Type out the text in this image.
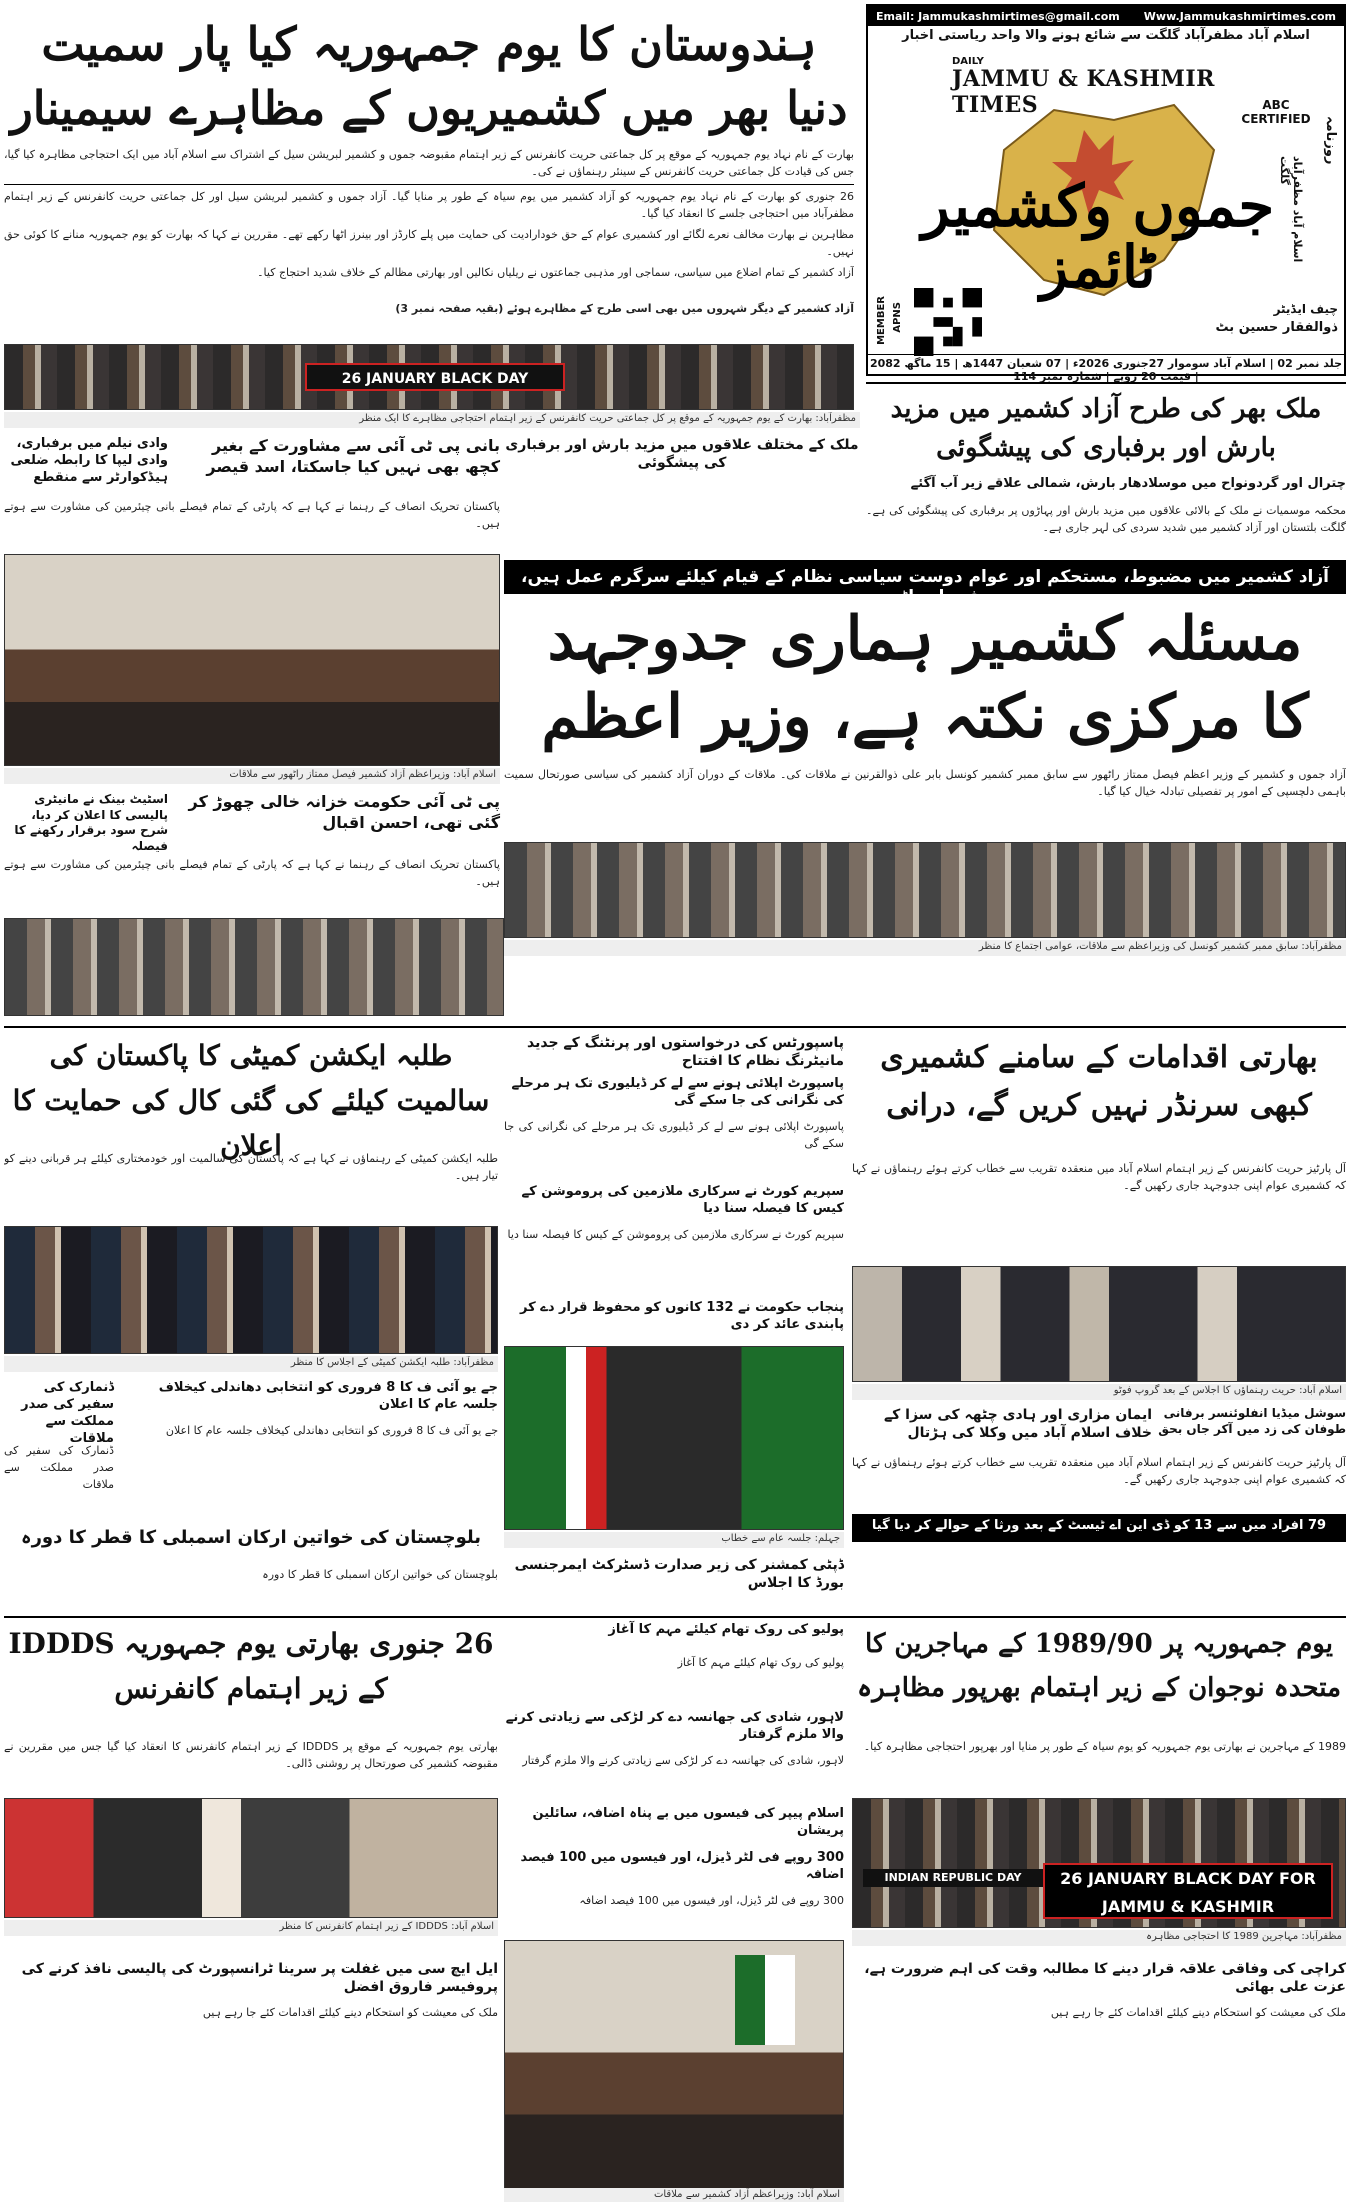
Email: Jammukashmirtimes@gmail.com Www.Jammukashmirtimes.com
اسلام آباد مظفرآباد گلگت سے شائع ہونے والا واحد ریاستی اخبار
DAILY
JAMMU & KASHMIR TIMES	ABC CERTIFIED روزنامہ
اسلام آباد مظفرآباد گلگت
جموں وکشمیر ٹائمز
MEMBER APNS	چیف ایڈیٹر
ذوالفقار حسین بٹ
جلد نمبر 02 | اسلام آباد سوموار 27جنوری 2026ء | 07 شعبان 1447ھ | 15 ماگھ 2082 | قیمت 20 روپے | شمارہ نمبر 114
ہندوستان کا یوم جمہوریہ کیا پار سمیت دنیا بھر میں کشمیریوں کے مظاہرے سیمینار
بھارت کے نام نہاد یوم جمہوریہ کے موقع پر کل جماعتی حریت کانفرنس کے زیر اہتمام مقبوضہ جموں و کشمیر لبریشن سیل کے اشتراک سے اسلام آباد میں ایک احتجاجی مظاہرہ کیا گیا، جس کی قیادت کل جماعتی حریت کانفرنس کے سینئر رہنماؤں نے کی۔
26 جنوری کو بھارت کے نام نہاد یوم جمہوریہ کو آزاد کشمیر میں یوم سیاہ کے طور پر منایا گیا۔ آزاد جموں و کشمیر لبریشن سیل اور کل جماعتی حریت کانفرنس کے زیر اہتمام مظفرآباد میں احتجاجی جلسے کا انعقاد کیا گیا۔
مظاہرین نے بھارت مخالف نعرے لگائے اور کشمیری عوام کے حق خودارادیت کی حمایت میں پلے کارڈز اور بینرز اٹھا رکھے تھے۔ مقررین نے کہا کہ بھارت کو یوم جمہوریہ منانے کا کوئی حق نہیں۔
آزاد کشمیر کے تمام اضلاع میں سیاسی، سماجی اور مذہبی جماعتوں نے ریلیاں نکالیں اور بھارتی مظالم کے خلاف شدید احتجاج کیا۔
آزاد کشمیر کے دیگر شہروں میں بھی اسی طرح کے مظاہرے ہوئے (بقیہ صفحہ نمبر 3)
26 JANUARY BLACK DAY
مظفرآباد: بھارت کے یوم جمہوریہ کے موقع پر کل جماعتی حریت کانفرنس کے زیر اہتمام احتجاجی مظاہرے کا ایک منظر	ملک بھر کی طرح آزاد کشمیر میں مزید بارش اور برفباری کی پیشگوئی
چترال اور گردونواح میں موسلادھار بارش، شمالی علاقے زیر آب آگئے
محکمہ موسمیات نے ملک کے بالائی علاقوں میں مزید بارش اور پہاڑوں پر برفباری کی پیشگوئی کی ہے۔ گلگت بلتستان اور آزاد کشمیر میں شدید سردی کی لہر جاری ہے۔
ملک کے مختلف علاقوں میں مزید بارش اور برفباری کی پیشگوئی
بانی پی ٹی آئی سے مشاورت کے بغیر کچھ بھی نہیں کیا جاسکتا، اسد قیصر
وادی نیلم میں برفباری، وادی لیپا کا رابطہ ضلعی ہیڈکوارٹر سے منقطع
پاکستان تحریک انصاف کے رہنما نے کہا ہے کہ پارٹی کے تمام فیصلے بانی چیئرمین کی مشاورت سے ہوتے ہیں۔
اسلام آباد: وزیراعظم آزاد کشمیر فیصل ممتاز راٹھور سے ملاقات
پی ٹی آئی حکومت خزانہ خالی چھوڑ کر گئی تھی، احسن اقبال
اسٹیٹ بینک نے مانیٹری پالیسی کا اعلان کر دیا، شرح سود برقرار رکھنے کا فیصلہ
پاکستان تحریک انصاف کے رہنما نے کہا ہے کہ پارٹی کے تمام فیصلے بانی چیئرمین کی مشاورت سے ہوتے ہیں۔
آزاد کشمیر میں مضبوط، مستحکم اور عوام دوست سیاسی نظام کے قیام کیلئے سرگرم عمل ہیں، فیصل راٹھور
مسئلہ کشمیر ہماری جدوجہد کا مرکزی نکتہ ہے، وزیر اعظم
آزاد جموں و کشمیر کے وزیر اعظم فیصل ممتاز راٹھور سے سابق ممبر کشمیر کونسل بابر علی ذوالقرنین نے ملاقات کی۔ ملاقات کے دوران آزاد کشمیر کی سیاسی صورتحال سمیت باہمی دلچسپی کے امور پر تفصیلی تبادلہ خیال کیا گیا۔
مظفرآباد: سابق ممبر کشمیر کونسل کی وزیراعظم سے ملاقات، عوامی اجتماع کا منظر
بھارتی اقدامات کے سامنے کشمیری کبھی سرنڈر نہیں کریں گے، درانی
آل پارٹیز حریت کانفرنس کے زیر اہتمام اسلام آباد میں منعقدہ تقریب سے خطاب کرتے ہوئے رہنماؤں نے کہا کہ کشمیری عوام اپنی جدوجہد جاری رکھیں گے۔
اسلام آباد: حریت رہنماؤں کا اجلاس کے بعد گروپ فوٹو
ایمان مزاری اور ہادی چٹھہ کی سزا کے خلاف اسلام آباد میں وکلا کی ہڑتال
سوشل میڈیا انفلوئنسر برفانی طوفان کی زد میں آکر جاں بحق
آل پارٹیز حریت کانفرنس کے زیر اہتمام اسلام آباد میں منعقدہ تقریب سے خطاب کرتے ہوئے رہنماؤں نے کہا کہ کشمیری عوام اپنی جدوجہد جاری رکھیں گے۔
79 افراد میں سے 13 کو ڈی این اے ٹیسٹ کے بعد ورثا کے حوالے کر دیا گیا
پاسپورٹس کی درخواستوں اور پرنٹنگ کے جدید مانیٹرنگ نظام کا افتتاح
پاسپورٹ اپلائی ہونے سے لے کر ڈیلیوری تک ہر مرحلے کی نگرانی کی جا سکے گی
پاسپورٹ اپلائی ہونے سے لے کر ڈیلیوری تک ہر مرحلے کی نگرانی کی جا سکے گی
سپریم کورٹ نے سرکاری ملازمین کی پروموشن کے کیس کا فیصلہ سنا دیا
سپریم کورٹ نے سرکاری ملازمین کی پروموشن کے کیس کا فیصلہ سنا دیا
پنجاب حکومت نے 132 کانوں کو محفوظ قرار دے کر پابندی عائد کر دی
جہلم: جلسہ عام سے خطاب
طلبہ ایکشن کمیٹی کا پاکستان کی سالمیت کیلئے کی گئی کال کی حمایت کا اعلان
طلبہ ایکشن کمیٹی کے رہنماؤں نے کہا ہے کہ پاکستان کی سالمیت اور خودمختاری کیلئے ہر قربانی دینے کو تیار ہیں۔
مظفرآباد: طلبہ ایکشن کمیٹی کے اجلاس کا منظر
ڈنمارک کی سفیر کی صدر مملکت سے ملاقات
جے یو آئی ف کا 8 فروری کو انتخابی دھاندلی کیخلاف جلسہ عام کا اعلان
جے یو آئی ف کا 8 فروری کو انتخابی دھاندلی کیخلاف جلسہ عام کا اعلان
ڈنمارک کی سفیر کی صدر مملکت سے ملاقات
بلوچستان کی خواتین ارکان اسمبلی کا قطر کا دورہ
بلوچستان کی خواتین ارکان اسمبلی کا قطر کا دورہ
ڈپٹی کمشنر کی زیر صدارت ڈسٹرکٹ ایمرجنسی بورڈ کا اجلاس
26 جنوری بھارتی یوم جمہوریہ IDDDS کے زیر اہتمام کانفرنس
بھارتی یوم جمہوریہ کے موقع پر IDDDS کے زیر اہتمام کانفرنس کا انعقاد کیا گیا جس میں مقررین نے مقبوضہ کشمیر کی صورتحال پر روشنی ڈالی۔
اسلام آباد: IDDDS کے زیر اہتمام کانفرنس کا منظر
یوم جمہوریہ پر 1989/90 کے مہاجرین کا متحدہ نوجوان کے زیر اہتمام بھرپور مظاہرہ
1989 کے مہاجرین نے بھارتی یوم جمہوریہ کو یوم سیاہ کے طور پر منایا اور بھرپور احتجاجی مظاہرہ کیا۔
INDIAN REPUBLIC DAY	26 JANUARY BLACK DAY FOR JAMMU & KASHMIR
مظفرآباد: مہاجرین 1989 کا احتجاجی مظاہرہ
پولیو کی روک تھام کیلئے مہم کا آغاز
پولیو کی روک تھام کیلئے مہم کا آغاز
لاہور، شادی کی جھانسہ دے کر لڑکی سے زیادتی کرنے والا ملزم گرفتار
لاہور، شادی کی جھانسہ دے کر لڑکی سے زیادتی کرنے والا ملزم گرفتار
اسلام پیپر کی فیسوں میں بے پناہ اضافہ، سائلین پریشان
300 روپے فی لٹر ڈیزل، اور فیسوں میں 100 فیصد اضافہ
300 روپے فی لٹر ڈیزل، اور فیسوں میں 100 فیصد اضافہ
اسلام آباد: وزیراعظم آزاد کشمیر سے ملاقات
کراچی کی وفاقی علاقہ قرار دینے کا مطالبہ وقت کی اہم ضرورت ہے، عزت علی بھائی
ملک کی معیشت کو استحکام دینے کیلئے اقدامات کئے جا رہے ہیں
ایل ایچ سی میں غفلت پر سرینا ٹرانسپورٹ کی پالیسی نافذ کرنے کی پروفیسر فاروق افضل
ملک کی معیشت کو استحکام دینے کیلئے اقدامات کئے جا رہے ہیں
